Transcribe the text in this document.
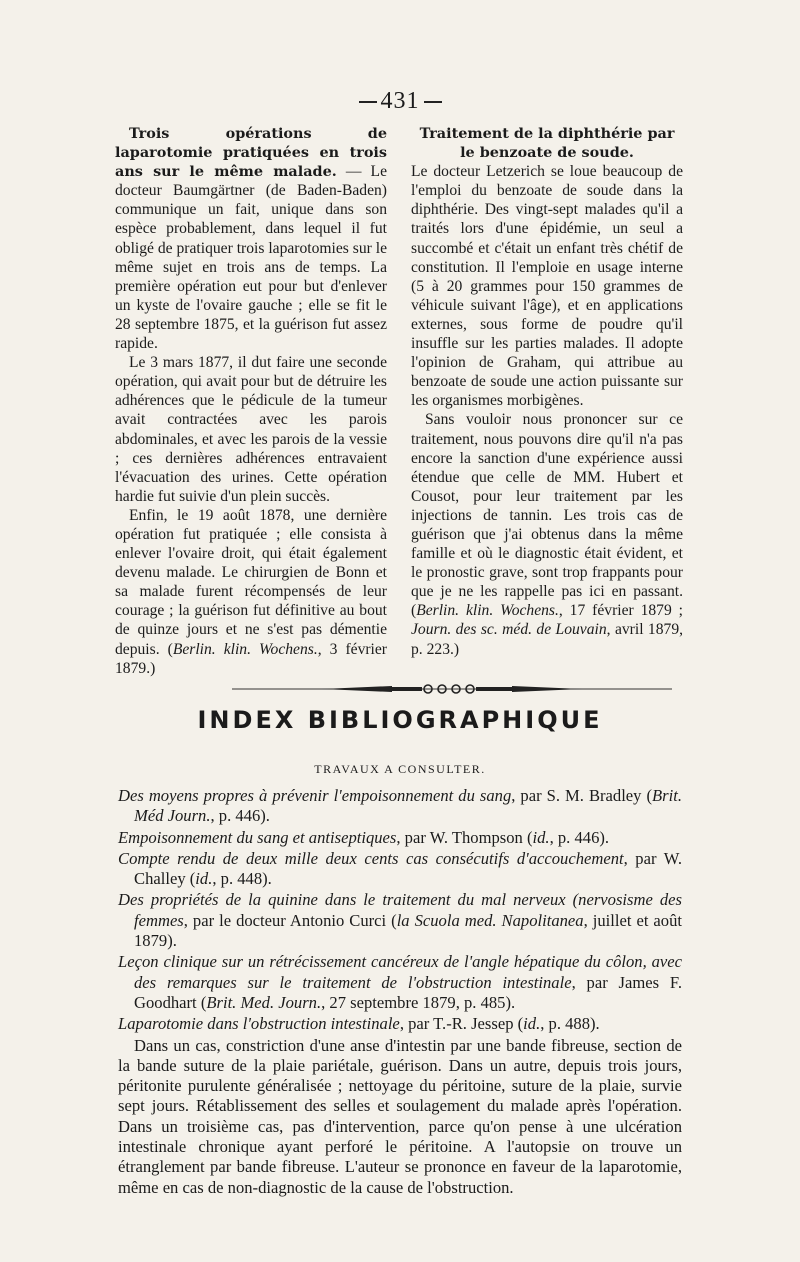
431

Trois opérations de laparotomie pratiquées en trois ans sur le même malade. — Le docteur Baumgärtner (de Baden-Baden) communique un fait, unique dans son espèce probablement, dans lequel il fut obligé de pratiquer trois laparotomies sur le même sujet en trois ans de temps. La première opération eut pour but d'enlever un kyste de l'ovaire gauche ; elle se fit le 28 septembre 1875, et la guérison fut assez rapide.

Le 3 mars 1877, il dut faire une seconde opération, qui avait pour but de détruire les adhérences que le pédicule de la tumeur avait contractées avec les parois abdominales, et avec les parois de la vessie ; ces dernières adhérences entravaient l'évacuation des urines. Cette opération hardie fut suivie d'un plein succès.

Enfin, le 19 août 1878, une dernière opération fut pratiquée ; elle consista à enlever l'ovaire droit, qui était également devenu malade. Le chirurgien de Bonn et sa malade furent récompensés de leur courage ; la guérison fut définitive au bout de quinze jours et ne s'est pas démentie depuis. (Berlin. klin. Wochens., 3 février 1879.)

Traitement de la diphthérie par le benzoate de soude.

Le docteur Letzerich se loue beaucoup de l'emploi du benzoate de soude dans la diphthérie. Des vingt-sept malades qu'il a traités lors d'une épidémie, un seul a succombé et c'était un enfant très chétif de constitution. Il l'emploie en usage interne (5 à 20 grammes pour 150 grammes de véhicule suivant l'âge), et en applications externes, sous forme de poudre qu'il insuffle sur les parties malades. Il adopte l'opinion de Graham, qui attribue au benzoate de soude une action puissante sur les organismes morbigènes.

Sans vouloir nous prononcer sur ce traitement, nous pouvons dire qu'il n'a pas encore la sanction d'une expérience aussi étendue que celle de MM. Hubert et Cousot, pour leur traitement par les injections de tannin. Les trois cas de guérison que j'ai obtenus dans la même famille et où le diagnostic était évident, et le pronostic grave, sont trop frappants pour que je ne les rappelle pas ici en passant. (Berlin. klin. Wochens., 17 février 1879 ; Journ. des sc. méd. de Louvain, avril 1879, p. 223.)

INDEX BIBLIOGRAPHIQUE
TRAVAUX A CONSULTER.

Des moyens propres à prévenir l'empoisonnement du sang, par S. M. Bradley (Brit. Méd Journ., p. 446).

Empoisonnement du sang et antiseptiques, par W. Thompson (id., p. 446).

Compte rendu de deux mille deux cents cas consécutifs d'accouchement, par W. Challey (id., p. 448).

Des propriétés de la quinine dans le traitement du mal nerveux (nervosisme des femmes, par le docteur Antonio Curci (la Scuola med. Napolitanea, juillet et août 1879).

Leçon clinique sur un rétrécissement cancéreux de l'angle hépatique du côlon, avec des remarques sur le traitement de l'obstruction intestinale, par James F. Goodhart (Brit. Med. Journ., 27 septembre 1879, p. 485).

Laparotomie dans l'obstruction intestinale, par T.-R. Jessep (id., p. 488).

Dans un cas, constriction d'une anse d'intestin par une bande fibreuse, section de la bande suture de la plaie pariétale, guérison. Dans un autre, depuis trois jours, péritonite purulente généralisée ; nettoyage du péritoine, suture de la plaie, survie sept jours. Rétablissement des selles et soulagement du malade après l'opération. Dans un troisième cas, pas d'intervention, parce qu'on pense à une ulcération intestinale chronique ayant perforé le péritoine. A l'autopsie on trouve un étranglement par bande fibreuse. L'auteur se prononce en faveur de la laparotomie, même en cas de non-diagnostic de la cause de l'obstruction.
